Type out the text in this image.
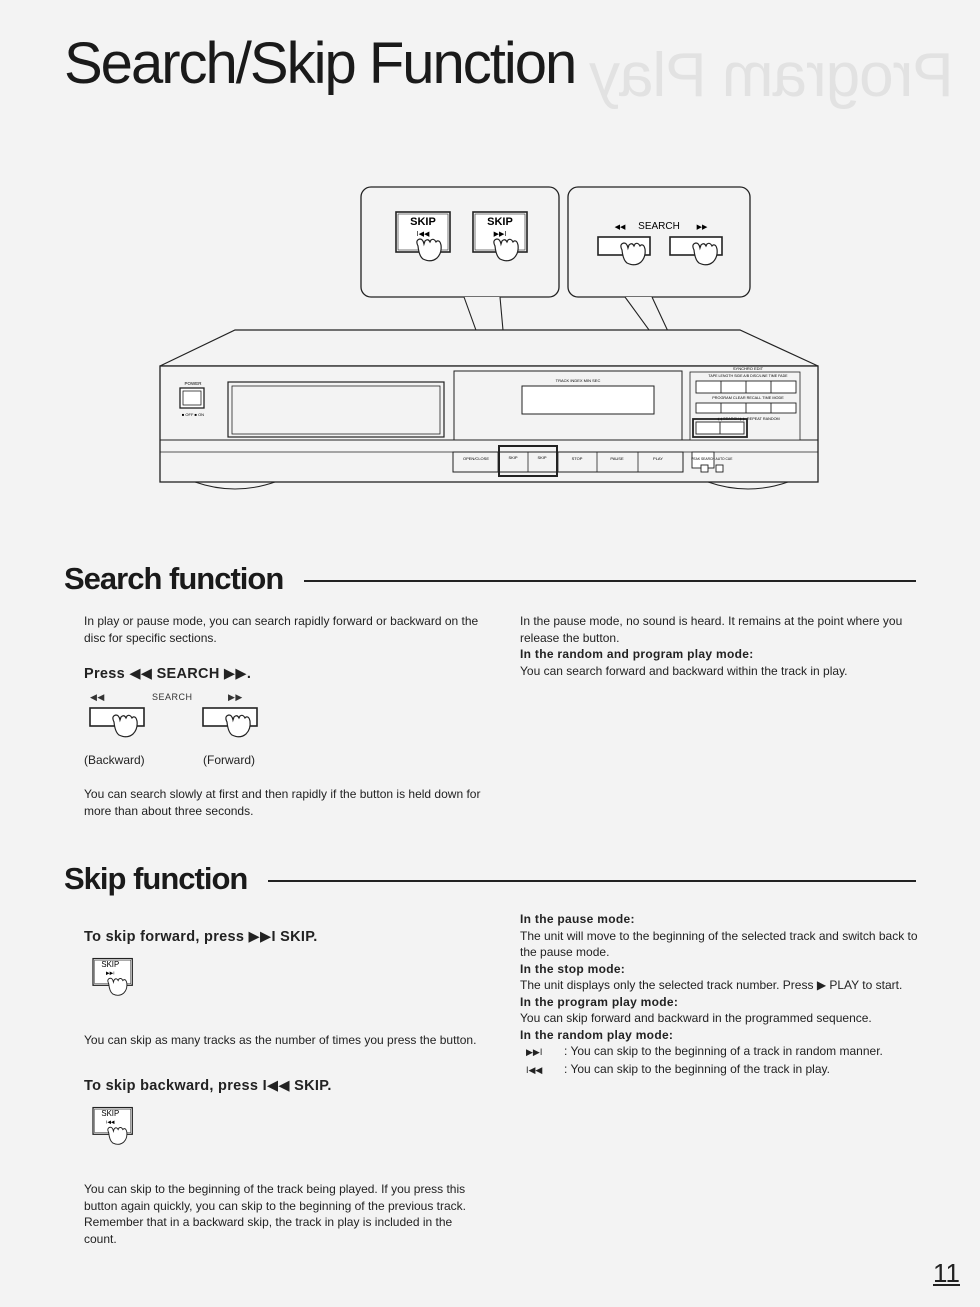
Program Play
Search/Skip Function
SKIP
I◀◀
SKIP
▶▶I
◀◀ SEARCH ▶▶
POWER
■ OFF ■ ON
TRACK INDEX MIN SEC
SYNCHRO EDIT
TAPE LENGTH SIDE A/B DISC/LINE TIME FADE
PROGRAM CLEAR RECALL TIME MODE
◀◀ SEARCH ▶▶ REPEAT RANDOM
OPEN/CLOSE	SKIP	SKIP	STOP	PAUSE	PLAY	PEAK SEARCH AUTO CUE
Search function
In play or pause mode, you can search rapidly forward or backward on the disc for specific sections.
Press ◀◀ SEARCH ▶▶.
◀◀	SEARCH	▶▶
(Backward)	(Forward)
You can search slowly at first and then rapidly if the button is held down for more than about three seconds.
In the pause mode, no sound is heard. It remains at the point where you release the button.
In the random and program play mode:
You can search forward and backward within the track in play.
Skip function
To skip forward, press ▶▶I SKIP.
SKIP
▶▶I
You can skip as many tracks as the number of times you press the button.
To skip backward, press I◀◀ SKIP.
SKIP
I◀◀
You can skip to the beginning of the track being played. If you press this button again quickly, you can skip to the beginning of the previous track. Remember that in a backward skip, the track in play is included in the count.
In the pause mode:
The unit will move to the beginning of the selected track and switch back to the pause mode.
In the stop mode:
The unit displays only the selected track number. Press ▶ PLAY to start.
In the program play mode:
You can skip forward and backward in the programmed sequence.
In the random play mode:
▶▶I : You can skip to the beginning of a track in random manner.
I◀◀ : You can skip to the beginning of the track in play.
11
